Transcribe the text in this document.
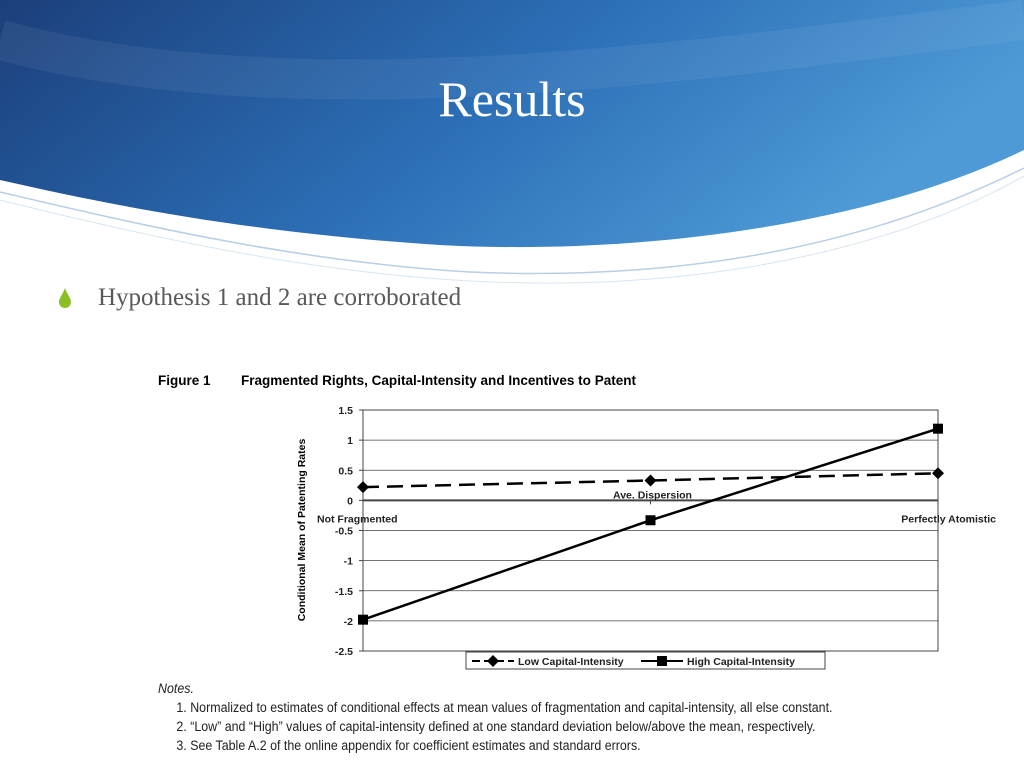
Results
Hypothesis 1 and 2 are corroborated
Figure 1 Fragmented Rights, Capital-Intensity and Incentives to Patent
Conditional Mean of Patenting Rates
1.5
1
0.5
0
-0.5
-1
-1.5
-2
-2.5
Not Fragmented
Ave. Dispersion
Perfectly Atomistic
Low Capital-Intensity	High Capital-Intensity
Notes.
1. Normalized to estimates of conditional effects at mean values of fragmentation and capital-intensity, all else constant.
2. “Low” and “High” values of capital-intensity defined at one standard deviation below/above the mean, respectively.
3. See Table A.2 of the online appendix for coefficient estimates and standard errors.
